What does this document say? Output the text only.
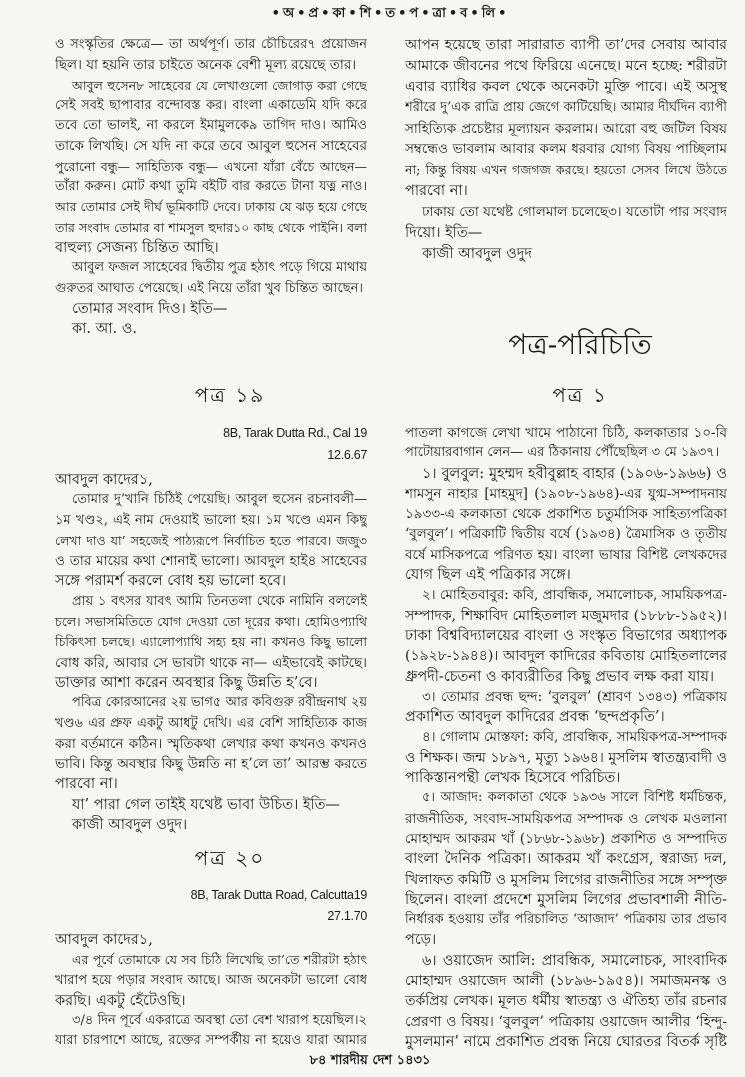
•অ•প্র•কা•শি•ত•প•ত্রা•ব•লি•
ও সংস্কৃতির ক্ষেত্রে— তা অর্থপূর্ণ। তার চৌচিরের৭ প্রয়োজন
ছিল। যা হয়নি তার চাইতে অনেক বেশী মূল্য রয়েছে তার।
আবুল হুসেন৮ সাহেবের যে লেখাগুলো জোগাড় করা গেছে
সেই সবই ছাপাবার বন্দোবস্ত কর। বাংলা একাডেমি যদি করে
তবে তো ভালই, না করলে ইমামুলকে৯ তাগিদ দাও। আমিও
তাকে লিখছি। সে যদি না করে তবে আবুল হুসেন সাহেবের
পুরোনো বন্ধু— সাহিত্যিক বন্ধু— এখনো যাঁরা বেঁচে আছেন—
তাঁরা করুন। মোট কথা তুমি বইটি বার করতে টানা যত্ন নাও।
আর তোমার সেই দীর্ঘ ভূমিকাটি দেবে। ঢাকায় যে ঝড় হয়ে গেছে
তার সংবাদ তোমার বা শামসুল হুদার১০ কাছ থেকে পাইনি। বলা
বাহুল্য সেজন্য চিন্তিত আছি।
আবুল ফজল সাহেবের দ্বিতীয় পুত্র হঠাৎ পড়ে গিয়ে মাথায়
গুরুতর আঘাত পেয়েছে। এই নিয়ে তাঁরা খুব চিন্তিত আছেন।
তোমার সংবাদ দিও। ইতি—
কা. আ. ও.
আপন হয়েছে তারা সারারাত ব্যাপী তা’দের সেবায় আবার
আমাকে জীবনের পথে ফিরিয়ে এনেছে। মনে হচ্ছে: শরীরটা
এবার ব্যাধির কবল থেকে অনেকটা মুক্তি পাবে। এই অসুস্থ
শরীরে দু’এক রাত্রি প্রায় জেগে কাটিয়েছি। আমার দীর্ঘদিন ব্যাপী
সাহিত্যিক প্রচেষ্টার মূল্যায়ন করলাম। আরো বহু জটিল বিষয়
সম্বন্ধেও ভাবলাম আবার কলম ধরবার যোগ্য বিষয় পাচ্ছিলাম
না; কিন্তু বিষয় এখন গজগজ করছে। হয়তো সেসব লিখে উঠতে
পারবো না।
ঢাকায় তো যথেষ্ট গোলমাল চলেছে৩। যতোটা পার সংবাদ
দিয়ো। ইতি—
কাজী আবদুল ওদুদ
পত্র-পরিচিতি
পত্র ১৯
8B, Tarak Dutta Rd., Cal 19
12.6.67
আবদুল কাদের১,
তোমার দু’খানি চিঠিই পেয়েছি। আবুল হুসেন রচনাবলী—
১ম খণ্ড২, এই নাম দেওয়াই ভালো হয়। ১ম খণ্ডে এমন কিছু
লেখা দাও যা’ সহজেই পাঠ্যরূপে নির্বাচিত হতে পারবে। জজু৩
ও তার মায়ের কথা শোনাই ভালো। আবদুল হাই৪ সাহেবের
সঙ্গে পরামর্শ করলে বোধ হয় ভালো হবে।
প্রায় ১ বৎসর যাবৎ আমি তিনতলা থেকে নামিনি বললেই
চলে। সভাসমিতিতে যোগ দেওয়া তো দূরের কথা। হোমিওপ্যাথি
চিকিৎসা চলছে। এ্যালোপ্যাথি সহ্য হয় না। কখনও কিছু ভালো
বোধ করি, আবার সে ভাবটা থাকে না— এইভাবেই কাটছে।
ডাক্তার আশা করেন অবস্থার কিছু উন্নতি হ’বে।
পবিত্র কোরআনের ২য় ভাগ৫ আর কবিগুরু রবীন্দ্রনাথ ২য়
খণ্ড৬ এর প্রুফ একটু আধটু দেখি। এর বেশি সাহিত্যিক কাজ
করা বর্তমানে কঠিন। স্মৃতিকথা লেখার কথা কখনও কখনও
ভাবি। কিন্তু অবস্থার কিছু উন্নতি না হ’লে তা’ আরম্ভ করতে
পারবো না।
যা’ পারা গেল তাইই যথেষ্ট ভাবা উচিত। ইতি—
কাজী আবদুল ওদুদ।
পত্র ২০
8B, Tarak Dutta Road, Calcutta19
27.1.70
আবদুল কাদের১,
এর পূর্বে তোমাকে যে সব চিঠি লিখেছি তা’তে শরীরটা হঠাৎ
খারাপ হয়ে পড়ার সংবাদ আছে। আজ অনেকটা ভালো বোধ
করছি। একটু হেঁটেওছি।
৩/৪ দিন পূর্বে একরাত্রে অবস্থা তো বেশ খারাপ হয়েছিল।২
যারা চারপাশে আছে, রক্তের সম্পর্কীয় না হয়েও যারা আমার
পত্র ১
পাতলা কাগজে লেখা খামে পাঠানো চিঠি, কলকাতার ১০-বি
পাটোয়ারবাগান লেন— এর ঠিকানায় পৌঁছেছিল ৩ মে ১৯৩৭।
১। বুলবুল: মুহম্মদ হবীবুল্লাহ বাহার (১৯০৬-১৯৬৬) ও
শামসুন নাহার [মাহমুদ] (১৯০৮-১৯৬৪)-এর যুগ্ম-সম্পাদনায়
১৯৩৩-এ কলকাতা থেকে প্রকাশিত চতুর্মাসিক সাহিত্যপত্রিকা
‘বুলবুল’। পত্রিকাটি দ্বিতীয় বর্ষে (১৯৩৪) ত্রৈমাসিক ও তৃতীয়
বর্ষে মাসিকপত্রে পরিণত হয়। বাংলা ভাষার বিশিষ্ট লেখকদের
যোগ ছিল এই পত্রিকার সঙ্গে।
২। মোহিতবাবুর: কবি, প্রাবন্ধিক, সমালোচক, সাময়িকপত্র-
সম্পাদক, শিক্ষাবিদ মোহিতলাল মজুমদার (১৮৮৮-১৯৫২)।
ঢাকা বিশ্ববিদ্যালয়ের বাংলা ও সংস্কৃত বিভাগের অধ্যাপক
(১৯২৮-১৯৪৪)। আবদুল কাদিরের কবিতায় মোহিতলালের
ধ্রুপদী-চেতনা ও কাব্যরীতির কিছু প্রভাব লক্ষ করা যায়।
৩। তোমার প্রবন্ধ ছন্দ: ‘বুলবুল’ (শ্রাবণ ১৩৪৩) পত্রিকায়
প্রকাশিত আবদুল কাদিরের প্রবন্ধ ‘ছন্দপ্রকৃতি’।
৪। গোলাম মোস্তফা: কবি, প্রাবন্ধিক, সাময়িকপত্র-সম্পাদক
ও শিক্ষক। জন্ম ১৮৯৭, মৃত্যু ১৯৬৪। মুসলিম স্বাতন্ত্র্যবাদী ও
পাকিস্তানপন্থী লেখক হিসেবে পরিচিত।
৫। আজাদ: কলকাতা থেকে ১৯৩৬ সালে বিশিষ্ট ধর্মচিন্তক,
রাজনীতিক, সংবাদ-সাময়িকপত্র সম্পাদক ও লেখক মওলানা
মোহাম্মদ আকরম খাঁ (১৮৬৮-১৯৬৮) প্রকাশিত ও সম্পাদিত
বাংলা দৈনিক পত্রিকা। আকরম খাঁ কংগ্রেস, স্বরাজ্য দল,
খিলাফত কমিটি ও মুসলিম লিগের রাজনীতির সঙ্গে সম্পৃক্ত
ছিলেন। বাংলা প্রদেশে মুসলিম লিগের প্রভাবশালী নীতি-
নির্ধারক হওয়ায় তাঁর পরিচালিত ‘আজাদ’ পত্রিকায় তার প্রভাব
পড়ে।
৬। ওয়াজেদ আলি: প্রাবন্ধিক, সমালোচক, সাংবাদিক
মোহাম্মদ ওয়াজেদ আলী (১৮৯৬-১৯৫৪)। সমাজমনস্ক ও
তর্কপ্রিয় লেখক। মূলত ধর্মীয় স্বাতন্ত্র্য ও ঐতিহ্য তাঁর রচনার
প্রেরণা ও বিষয়। ‘বুলবুল’ পত্রিকায় ওয়াজেদ আলীর ‘হিন্দু-
মুসলমান’ নামে প্রকাশিত প্রবন্ধ নিয়ে ঘোরতর বিতর্ক সৃষ্টি
৮৪ শারদীয় দেশ ১৪৩১
